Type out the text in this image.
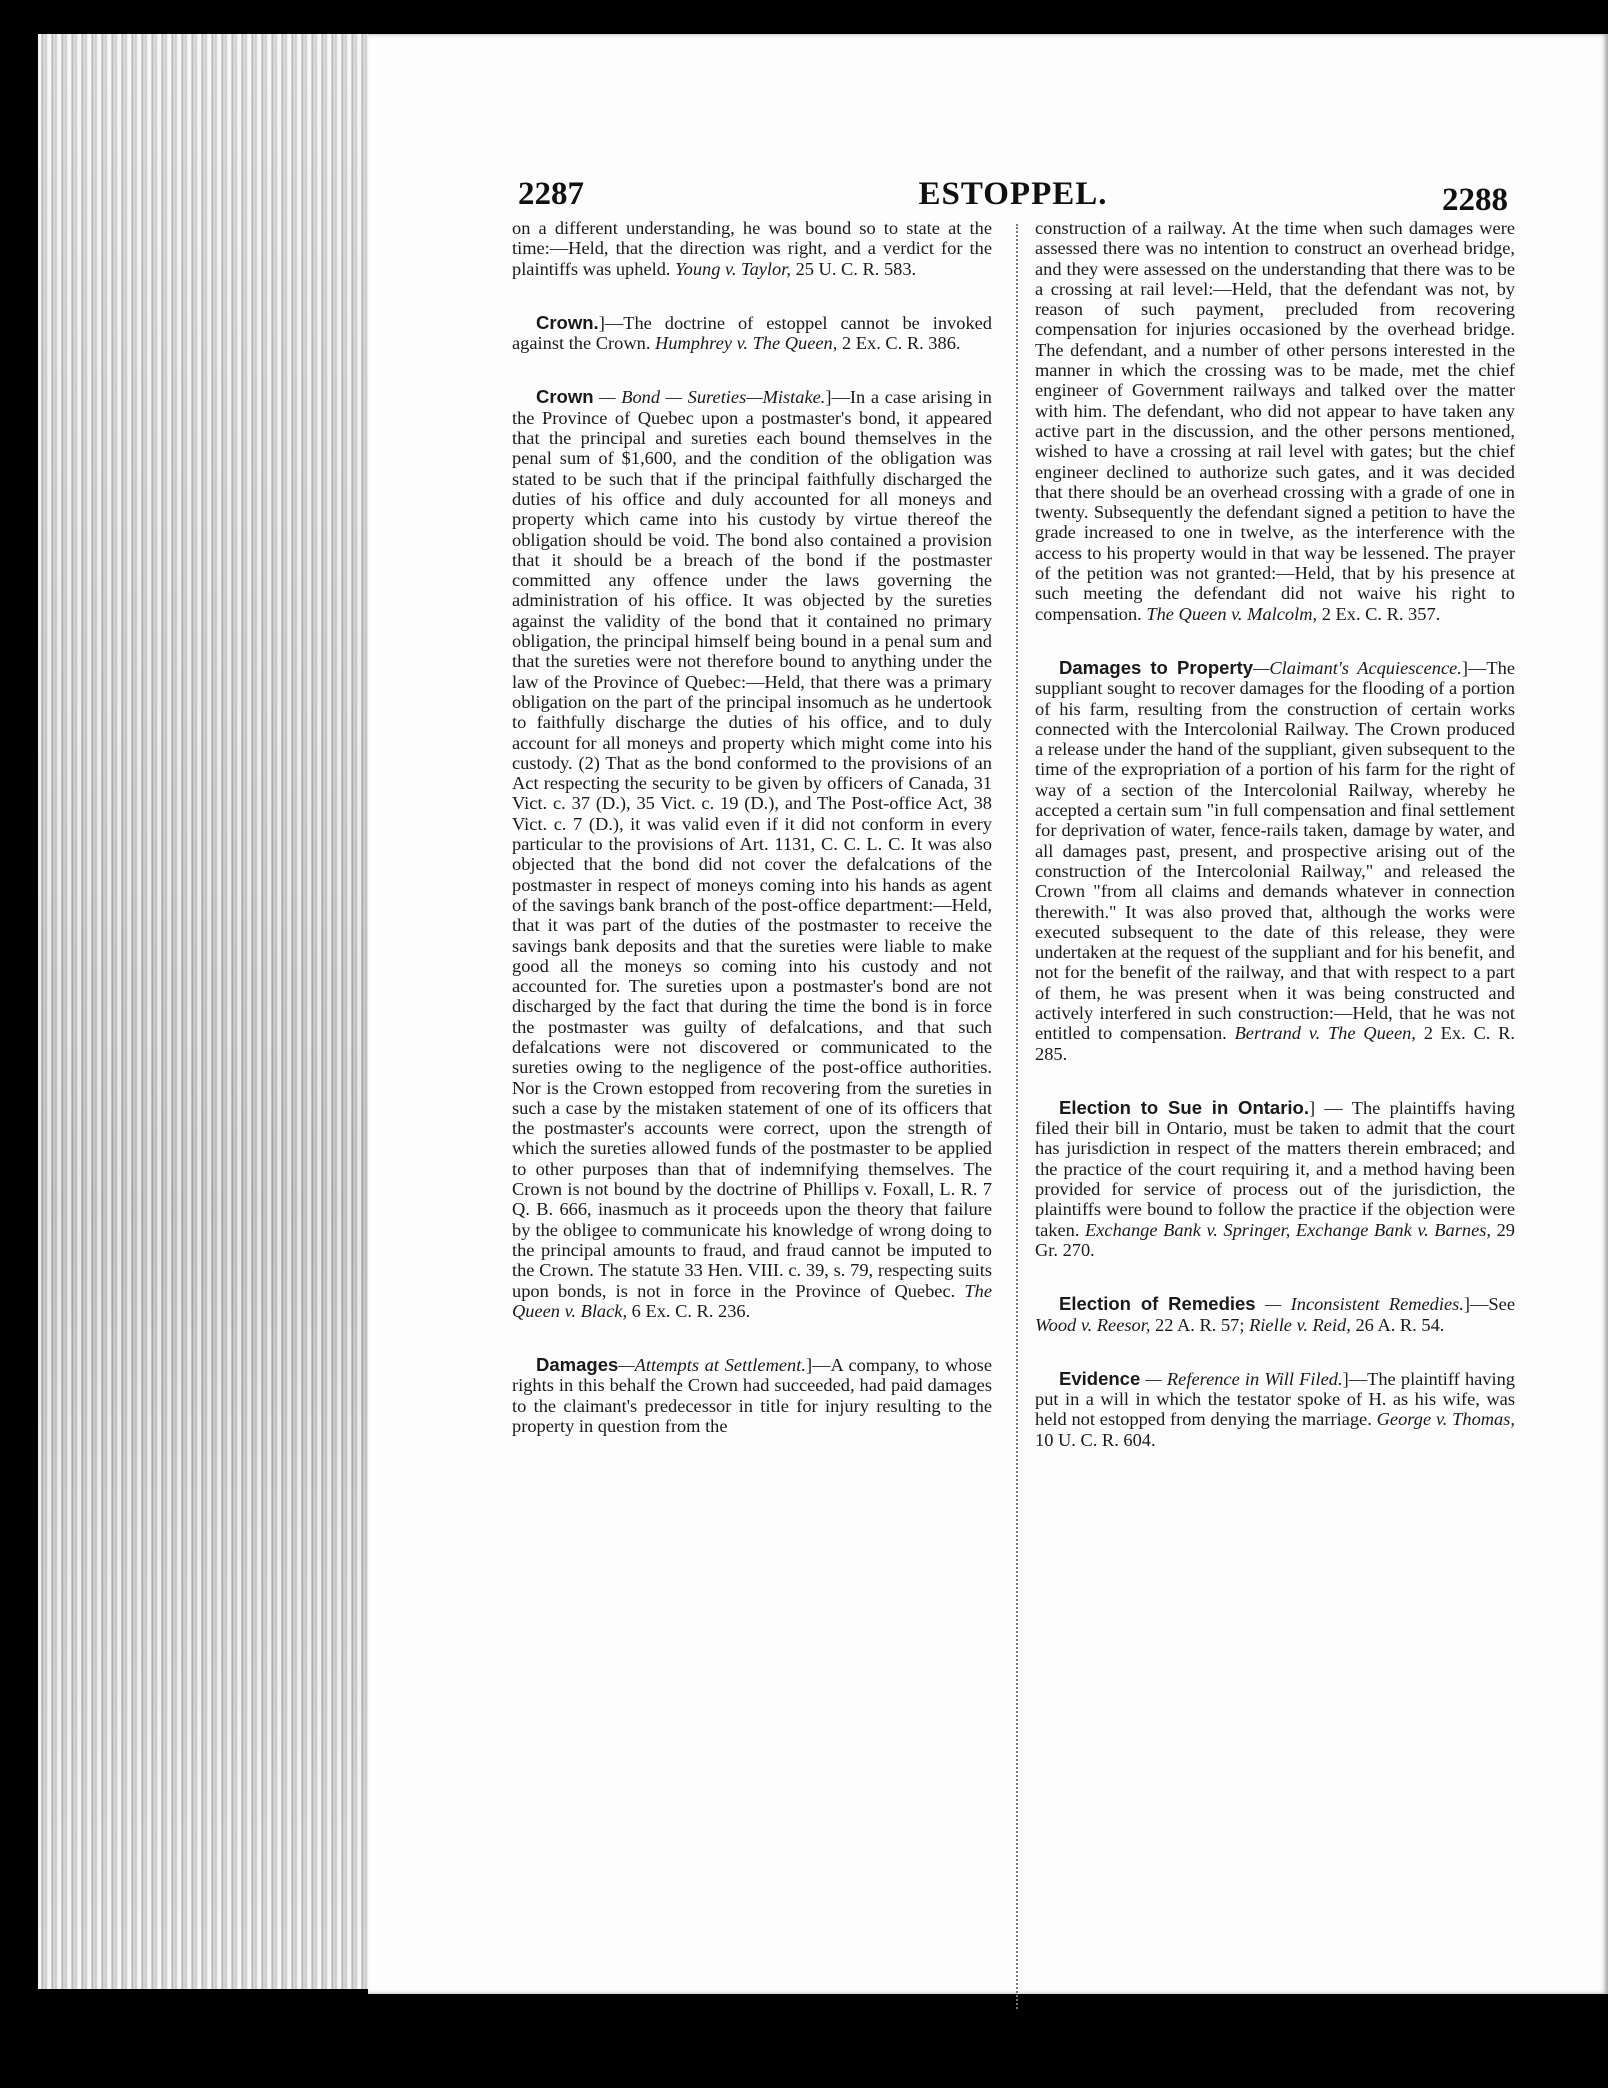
2287	ESTOPPEL.	2288

on a different understanding, he was bound so to state at the time:—Held, that the direction was right, and a verdict for the plaintiffs was upheld. Young v. Taylor, 25 U. C. R. 583.

Crown.]—The doctrine of estoppel cannot be invoked against the Crown. Humphrey v. The Queen, 2 Ex. C. R. 386.

Crown — Bond — Sureties—Mistake.]—In a case arising in the Province of Quebec upon a postmaster's bond, it appeared that the principal and sureties each bound themselves in the penal sum of $1,600, and the condition of the obligation was stated to be such that if the principal faithfully discharged the duties of his office and duly accounted for all moneys and property which came into his custody by virtue thereof the obligation should be void. The bond also contained a provision that it should be a breach of the bond if the postmaster committed any offence under the laws governing the administration of his office. It was objected by the sureties against the validity of the bond that it contained no primary obligation, the principal himself being bound in a penal sum and that the sureties were not therefore bound to anything under the law of the Province of Quebec:—Held, that there was a primary obligation on the part of the principal insomuch as he undertook to faithfully discharge the duties of his office, and to duly account for all moneys and property which might come into his custody. (2) That as the bond conformed to the provisions of an Act respecting the security to be given by officers of Canada, 31 Vict. c. 37 (D.), 35 Vict. c. 19 (D.), and The Post-office Act, 38 Vict. c. 7 (D.), it was valid even if it did not conform in every particular to the provisions of Art. 1131, C. C. L. C. It was also objected that the bond did not cover the defalcations of the postmaster in respect of moneys coming into his hands as agent of the savings bank branch of the post-office department:—Held, that it was part of the duties of the postmaster to receive the savings bank deposits and that the sureties were liable to make good all the moneys so coming into his custody and not accounted for. The sureties upon a postmaster's bond are not discharged by the fact that during the time the bond is in force the postmaster was guilty of defalcations, and that such defalcations were not discovered or communicated to the sureties owing to the negligence of the post-office authorities. Nor is the Crown estopped from recovering from the sureties in such a case by the mistaken statement of one of its officers that the postmaster's accounts were correct, upon the strength of which the sureties allowed funds of the postmaster to be applied to other purposes than that of indemnifying themselves. The Crown is not bound by the doctrine of Phillips v. Foxall, L. R. 7 Q. B. 666, inasmuch as it proceeds upon the theory that failure by the obligee to communicate his knowledge of wrong doing to the principal amounts to fraud, and fraud cannot be imputed to the Crown. The statute 33 Hen. VIII. c. 39, s. 79, respecting suits upon bonds, is not in force in the Province of Quebec. The Queen v. Black, 6 Ex. C. R. 236.

Damages—Attempts at Settlement.]—A company, to whose rights in this behalf the Crown had succeeded, had paid damages to the claimant's predecessor in title for injury resulting to the property in question from the

construction of a railway. At the time when such damages were assessed there was no intention to construct an overhead bridge, and they were assessed on the understanding that there was to be a crossing at rail level:—Held, that the defendant was not, by reason of such payment, precluded from recovering compensation for injuries occasioned by the overhead bridge. The defendant, and a number of other persons interested in the manner in which the crossing was to be made, met the chief engineer of Government railways and talked over the matter with him. The defendant, who did not appear to have taken any active part in the discussion, and the other persons mentioned, wished to have a crossing at rail level with gates; but the chief engineer declined to authorize such gates, and it was decided that there should be an overhead crossing with a grade of one in twenty. Subsequently the defendant signed a petition to have the grade increased to one in twelve, as the interference with the access to his property would in that way be lessened. The prayer of the petition was not granted:—Held, that by his presence at such meeting the defendant did not waive his right to compensation. The Queen v. Malcolm, 2 Ex. C. R. 357.

Damages to Property—Claimant's Acquiescence.]—The suppliant sought to recover damages for the flooding of a portion of his farm, resulting from the construction of certain works connected with the Intercolonial Railway. The Crown produced a release under the hand of the suppliant, given subsequent to the time of the expropriation of a portion of his farm for the right of way of a section of the Intercolonial Railway, whereby he accepted a certain sum "in full compensation and final settlement for deprivation of water, fence-rails taken, damage by water, and all damages past, present, and prospective arising out of the construction of the Intercolonial Railway," and released the Crown "from all claims and demands whatever in connection therewith." It was also proved that, although the works were executed subsequent to the date of this release, they were undertaken at the request of the suppliant and for his benefit, and not for the benefit of the railway, and that with respect to a part of them, he was present when it was being constructed and actively interfered in such construction:—Held, that he was not entitled to compensation. Bertrand v. The Queen, 2 Ex. C. R. 285.

Election to Sue in Ontario.] — The plaintiffs having filed their bill in Ontario, must be taken to admit that the court has jurisdiction in respect of the matters therein embraced; and the practice of the court requiring it, and a method having been provided for service of process out of the jurisdiction, the plaintiffs were bound to follow the practice if the objection were taken. Exchange Bank v. Springer, Exchange Bank v. Barnes, 29 Gr. 270.

Election of Remedies — Inconsistent Remedies.]—See Wood v. Reesor, 22 A. R. 57; Rielle v. Reid, 26 A. R. 54.

Evidence — Reference in Will Filed.]—The plaintiff having put in a will in which the testator spoke of H. as his wife, was held not estopped from denying the marriage. George v. Thomas, 10 U. C. R. 604.
